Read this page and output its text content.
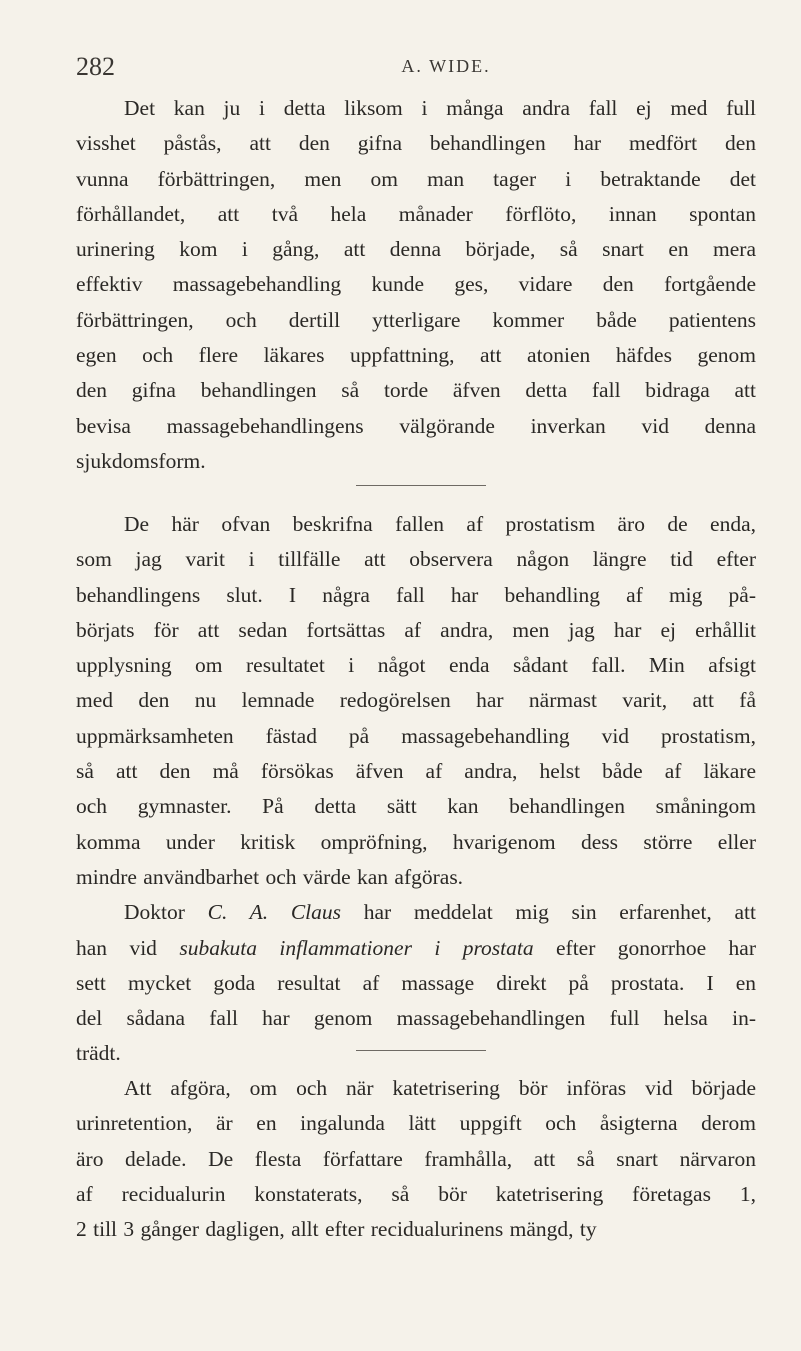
282	A. WIDE.
Det kan ju i detta liksom i många andra fall ej med full
visshet påstås, att den gifna behandlingen har medfört den
vunna förbättringen, men om man tager i betraktande det
förhållandet, att två hela månader förflöto, innan spontan
urinering kom i gång, att denna började, så snart en mera
effektiv massagebehandling kunde ges, vidare den fortgående
förbättringen, och dertill ytterligare kommer både patientens
egen och flere läkares uppfattning, att atonien häfdes genom
den gifna behandlingen så torde äfven detta fall bidraga att
bevisa massagebehandlingens välgörande inverkan vid denna
sjukdomsform.
De här ofvan beskrifna fallen af prostatism äro de enda,
som jag varit i tillfälle att observera någon längre tid efter
behandlingens slut. I några fall har behandling af mig på-
börjats för att sedan fortsättas af andra, men jag har ej erhållit
upplysning om resultatet i något enda sådant fall. Min afsigt
med den nu lemnade redogörelsen har närmast varit, att få
uppmärksamheten fästad på massagebehandling vid prostatism,
så att den må försökas äfven af andra, helst både af läkare
och gymnaster. På detta sätt kan behandlingen småningom
komma under kritisk ompröfning, hvarigenom dess större eller
mindre användbarhet och värde kan afgöras.
Doktor C. A. Claus har meddelat mig sin erfarenhet, att
han vid subakuta inflammationer i prostata efter gonorrhoe har
sett mycket goda resultat af massage direkt på prostata. I en
del sådana fall har genom massagebehandlingen full helsa in-
trädt.
Att afgöra, om och när katetrisering bör införas vid började
urinretention, är en ingalunda lätt uppgift och åsigterna derom
äro delade. De flesta författare framhålla, att så snart närvaron
af recidualurin konstaterats, så bör katetrisering företagas 1,
2 till 3 gånger dagligen, allt efter recidualurinens mängd, ty
